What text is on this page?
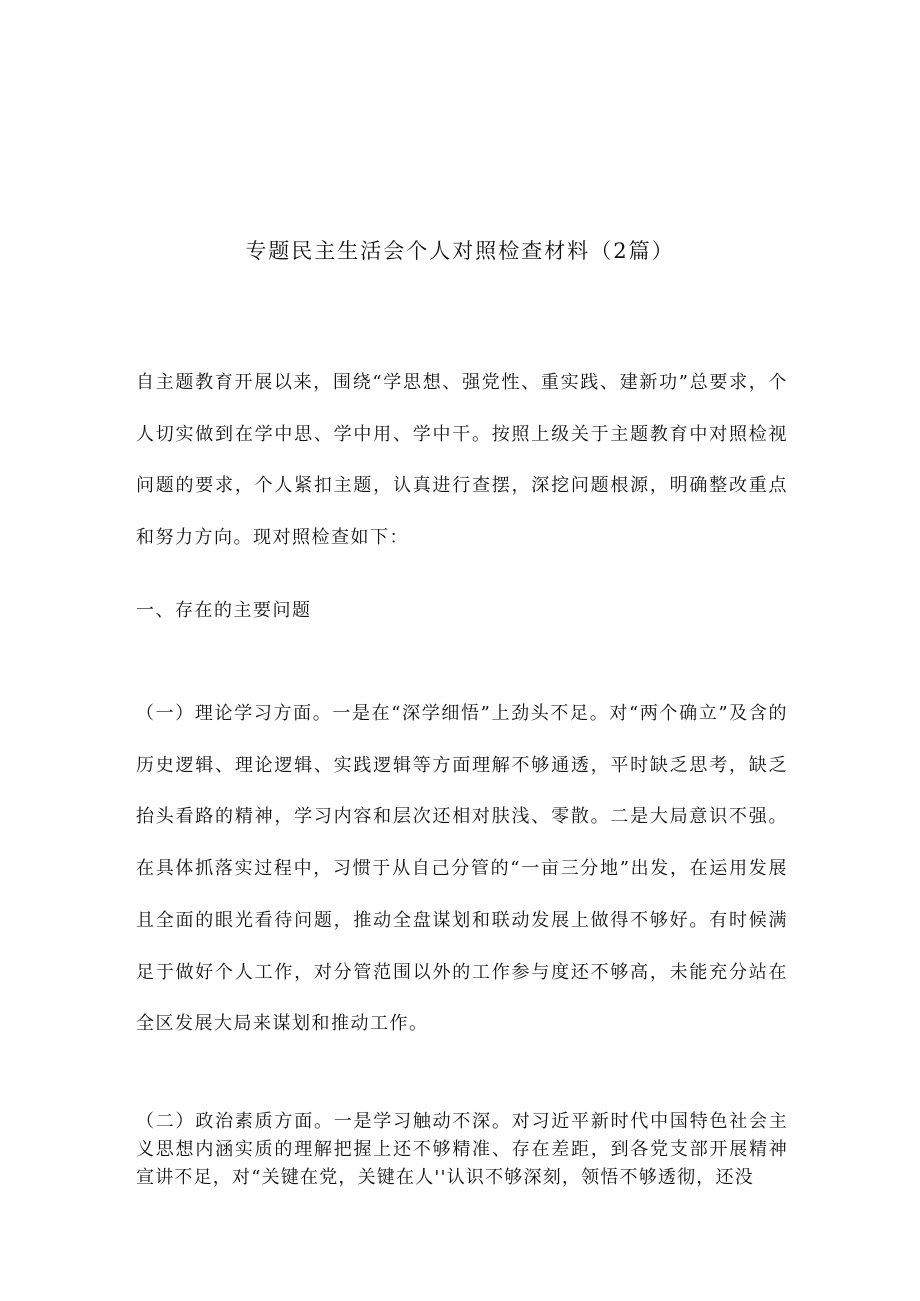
专题民主生活会个人对照检查材料（2篇）

自主题教育开展以来，围绕“学思想、强党性、重实践、建新功”总要求，个人切实做到在学中思、学中用、学中干。按照上级关于主题教育中对照检视问题的要求，个人紧扣主题，认真进行查摆，深挖问题根源，明确整改重点和努力方向。现对照检查如下：

一、存在的主要问题

（一）理论学习方面。一是在“深学细悟”上劲头不足。对“两个确立”及含的历史逻辑、理论逻辑、实践逻辑等方面理解不够通透，平时缺乏思考，缺乏抬头看路的精神，学习内容和层次还相对肤浅、零散。二是大局意识不强。在具体抓落实过程中，习惯于从自己分管的“一亩三分地”出发，在运用发展且全面的眼光看待问题，推动全盘谋划和联动发展上做得不够好。有时候满足于做好个人工作，对分管范围以外的工作参与度还不够高，未能充分站在全区发展大局来谋划和推动工作。

（二）政治素质方面。一是学习触动不深。对习近平新时代中国特色社会主义思想内涵实质的理解把握上还不够精准、存在差距，到各党支部开展精神宣讲不足，对“关键在党，关键在人''认识不够深刻，领悟不够透彻，还没
